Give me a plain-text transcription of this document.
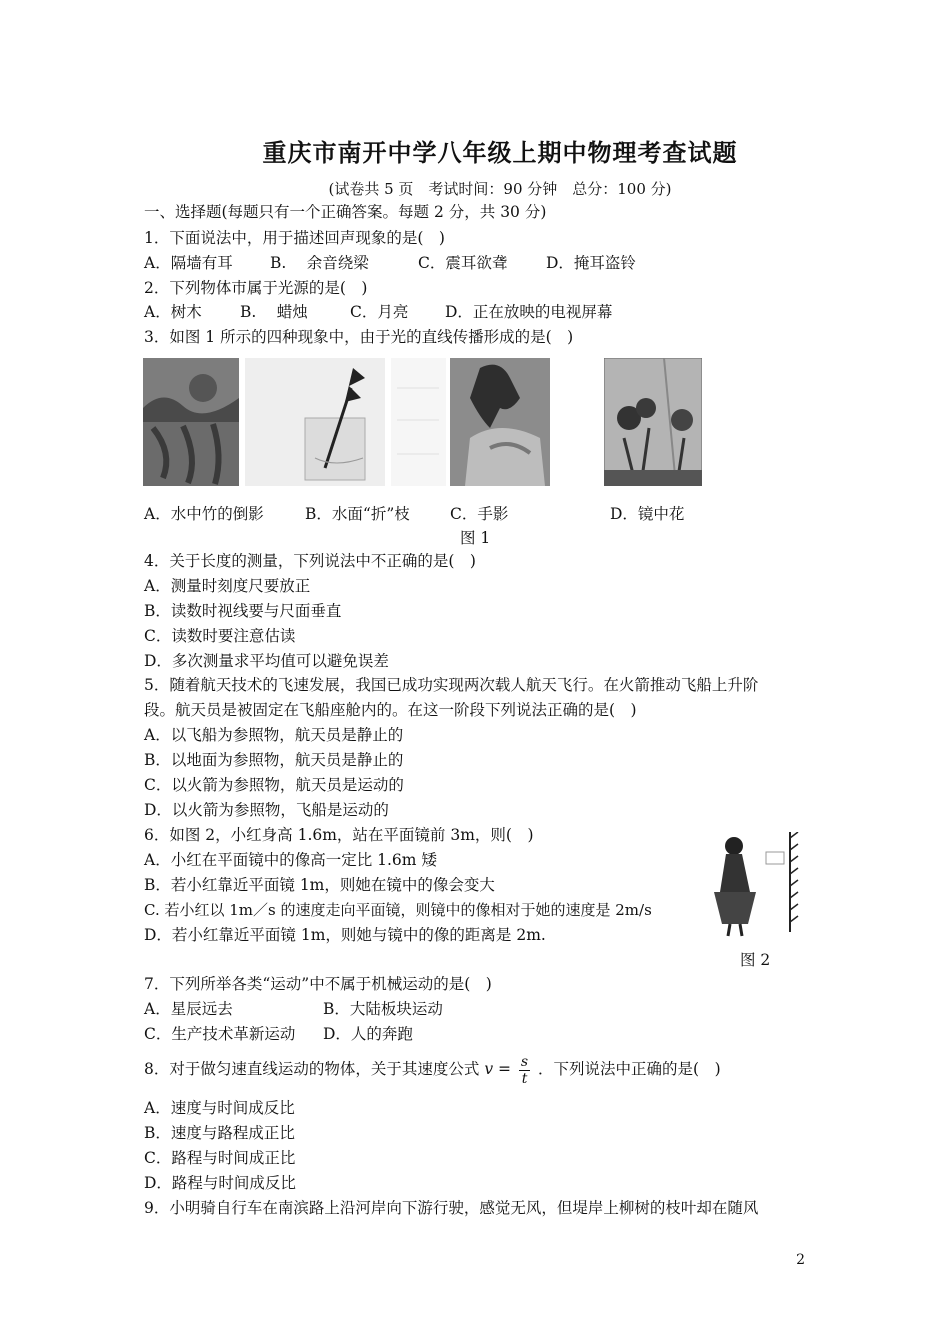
重庆市南开中学八年级上期中物理考查试题
(试卷共 5 页　考试时间：90 分钟　总分：100 分)
一、选择题(每题只有一个正确答案。每题 2 分，共 30 分)
1．下面说法中，用于描述回声现象的是(　)
A．隔墙有耳 B.　 余音绕梁	C．震耳欲聋 D．掩耳盗铃
2．下列物体巿属于光源的是(　)
A．树木 B.　 蜡烛	C．月亮 D．正在放映的电视屏幕
3．如图 1 所示的四种现象中，由于光的直线传播形成的是(　)
A．水中竹的倒影	B．水面“折”枝	C．手影	D．镜中花
图 1
4．关于长度的测量，下列说法中不正确的是(　)
A．测量时刻度尺要放正
B．读数时视线要与尺面垂直
C．读数时要注意估读
D．多次测量求平均值可以避免误差
5．随着航天技术的飞速发展，我国已成功实现两次载人航天飞行。在火箭推动飞船上升阶
段。航天员是被固定在飞船座舱内的。在这一阶段下列说法正确的是(　)
A．以飞船为参照物，航天员是静止的
B．以地面为参照物，航天员是静止的
C．以火箭为参照物，航天员是运动的
D．以火箭为参照物，飞船是运动的
6．如图 2，小红身高 1.6m，站在平面镜前 3m，则(　)
A．小红在平面镜中的像高一定比 1.6m 矮
B．若小红靠近平面镜 1m，则她在镜中的像会变大
C. 若小红以 1m／s 的速度走向平面镜，则镜中的像相对于她的速度是 2m/s
D．若小红靠近平面镜 1m，则她与镜中的像的距离是 2m.
图 2
7．下列所举各类“运动”中不属于机械运动的是(　)
A．星辰远去	B．大陆板块运动
C．生产技术革新运动 D．人的奔跑
8．对于做匀速直线运动的物体，关于其速度公式 $v = \frac{s}{t}$ ．下列说法中正确的是(　)
A．速度与时间成反比
B．速度与路程成正比
C．路程与时间成正比
D．路程与时间成反比
9．小明骑自行车在南滨路上沿河岸向下游行驶，感觉无风，但堤岸上柳树的枝叶却在随风
2
